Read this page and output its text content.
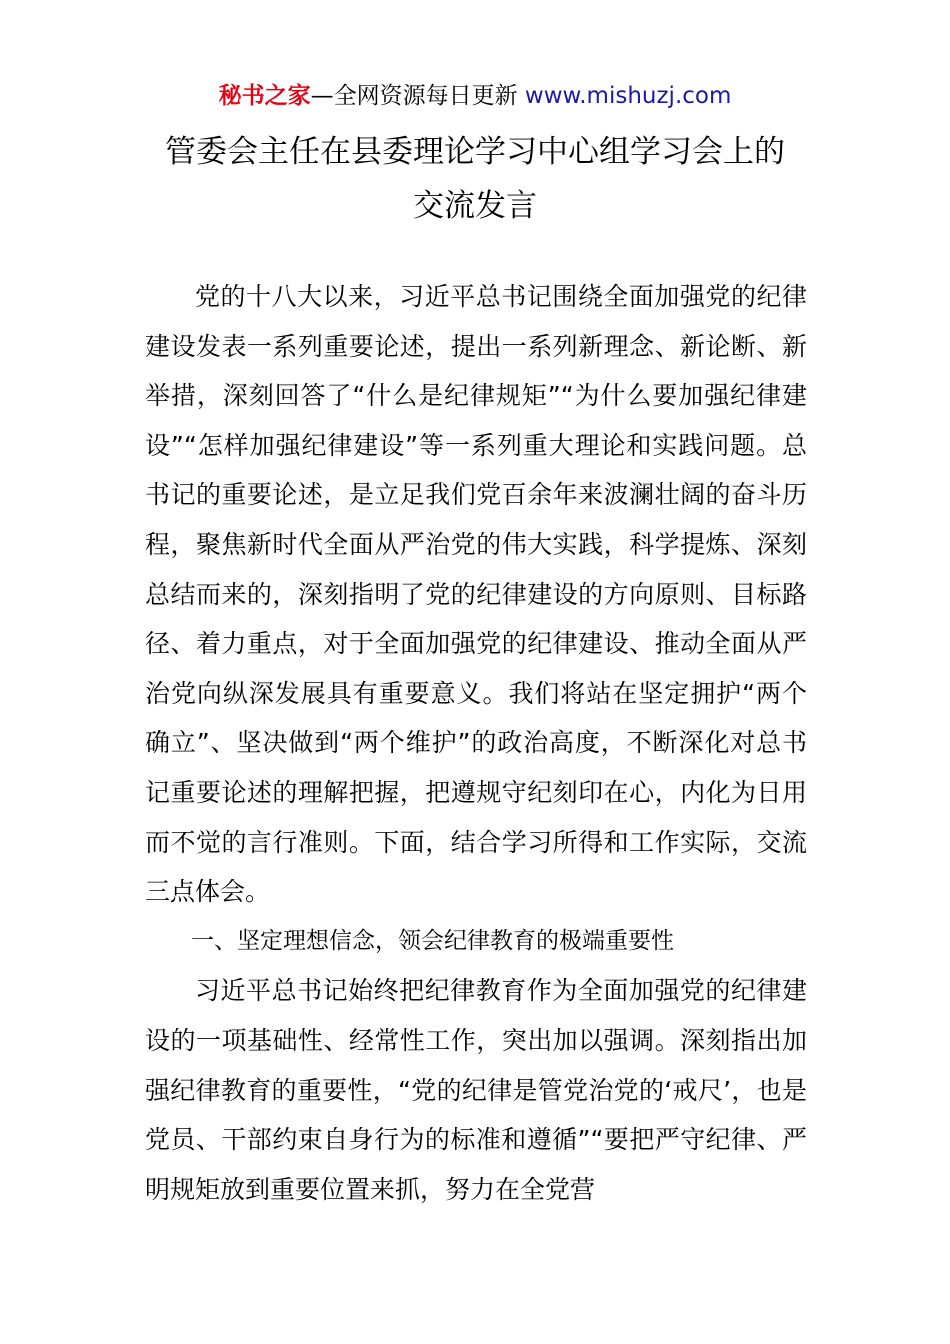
秘书之家—全网资源每日更新 www.mishuzj.com
管委会主任在县委理论学习中心组学习会上的
交流发言

党的十八大以来，习近平总书记围绕全面加强党的纪律建设发表一系列重要论述，提出一系列新理念、新论断、新举措，深刻回答了“什么是纪律规矩”“为什么要加强纪律建设”“怎样加强纪律建设”等一系列重大理论和实践问题。总书记的重要论述，是立足我们党百余年来波澜壮阔的奋斗历程，聚焦新时代全面从严治党的伟大实践，科学提炼、深刻总结而来的，深刻指明了党的纪律建设的方向原则、目标路径、着力重点，对于全面加强党的纪律建设、推动全面从严治党向纵深发展具有重要意义。我们将站在坚定拥护“两个确立”、坚决做到“两个维护”的政治高度，不断深化对总书记重要论述的理解把握，把遵规守纪刻印在心，内化为日用而不觉的言行准则。下面，结合学习所得和工作实际，交流三点体会。

一、坚定理想信念，领会纪律教育的极端重要性

习近平总书记始终把纪律教育作为全面加强党的纪律建设的一项基础性、经常性工作，突出加以强调。深刻指出加强纪律教育的重要性，“党的纪律是管党治党的‘戒尺’，也是党员、干部约束自身行为的标准和遵循”“要把严守纪律、严明规矩放到重要位置来抓，努力在全党营
